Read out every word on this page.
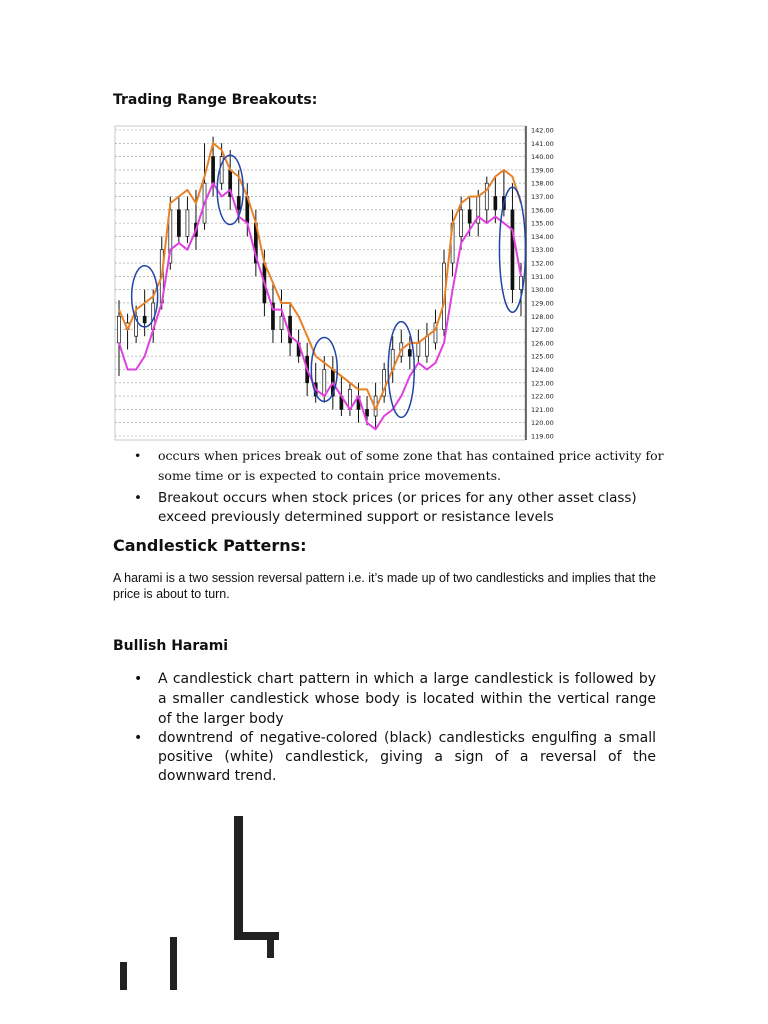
Trading Range Breakouts:
119.00
120.00
121.00
122.00
123.00
124.00
125.00
126.00
127.00
128.00
129.00
130.00
131.00
132.00
133.00
134.00
135.00
136.00
137.00
138.00
139.00
140.00
141.00
142.00
• occurs when prices break out of some zone that has contained price activity for some time or is expected to contain price movements.
• Breakout occurs when stock prices (or prices for any other asset class) exceed previously determined support or resistance levels
Candlestick Patterns:

A harami is a two session reversal pattern i.e. it’s made up of two candlesticks and implies that the price is about to turn.

Bullish Harami
• A candlestick chart pattern in which a large candlestick is followed by a smaller candlestick whose body is located within the vertical range of the larger body
• downtrend of negative-colored (black) candlesticks engulfing a small positive (white) candlestick, giving a sign of a reversal of the downward trend.
